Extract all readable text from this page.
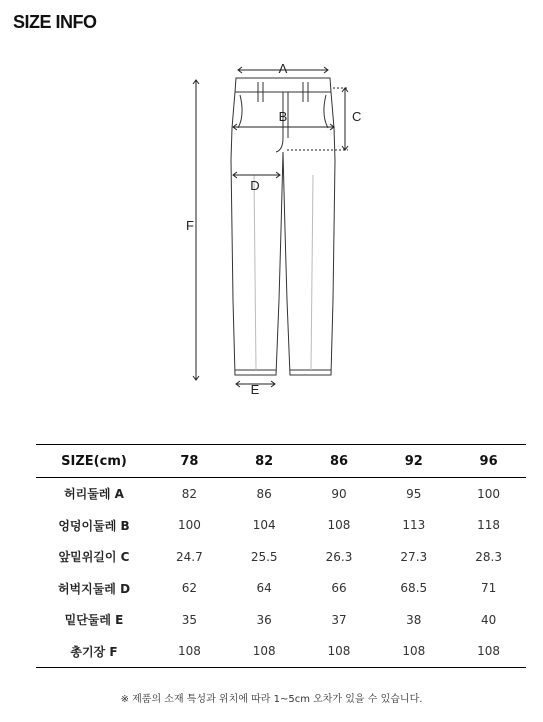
SIZE INFO
A
B	C
D
E
F
SIZE(cm)	78	82	86	92	96
허리둘레 A	82	86	90	95	100
엉덩이둘레 B	100	104	108	113	118
앞밑위길이 C	24.7	25.5	26.3	27.3	28.3
허벅지둘레 D	62	64	66	68.5	71
밑단둘레 E	35	36	37	38	40
총기장 F	108	108	108	108	108
※ 제품의 소재 특성과 위치에 따라 1~5cm 오차가 있을 수 있습니다.
